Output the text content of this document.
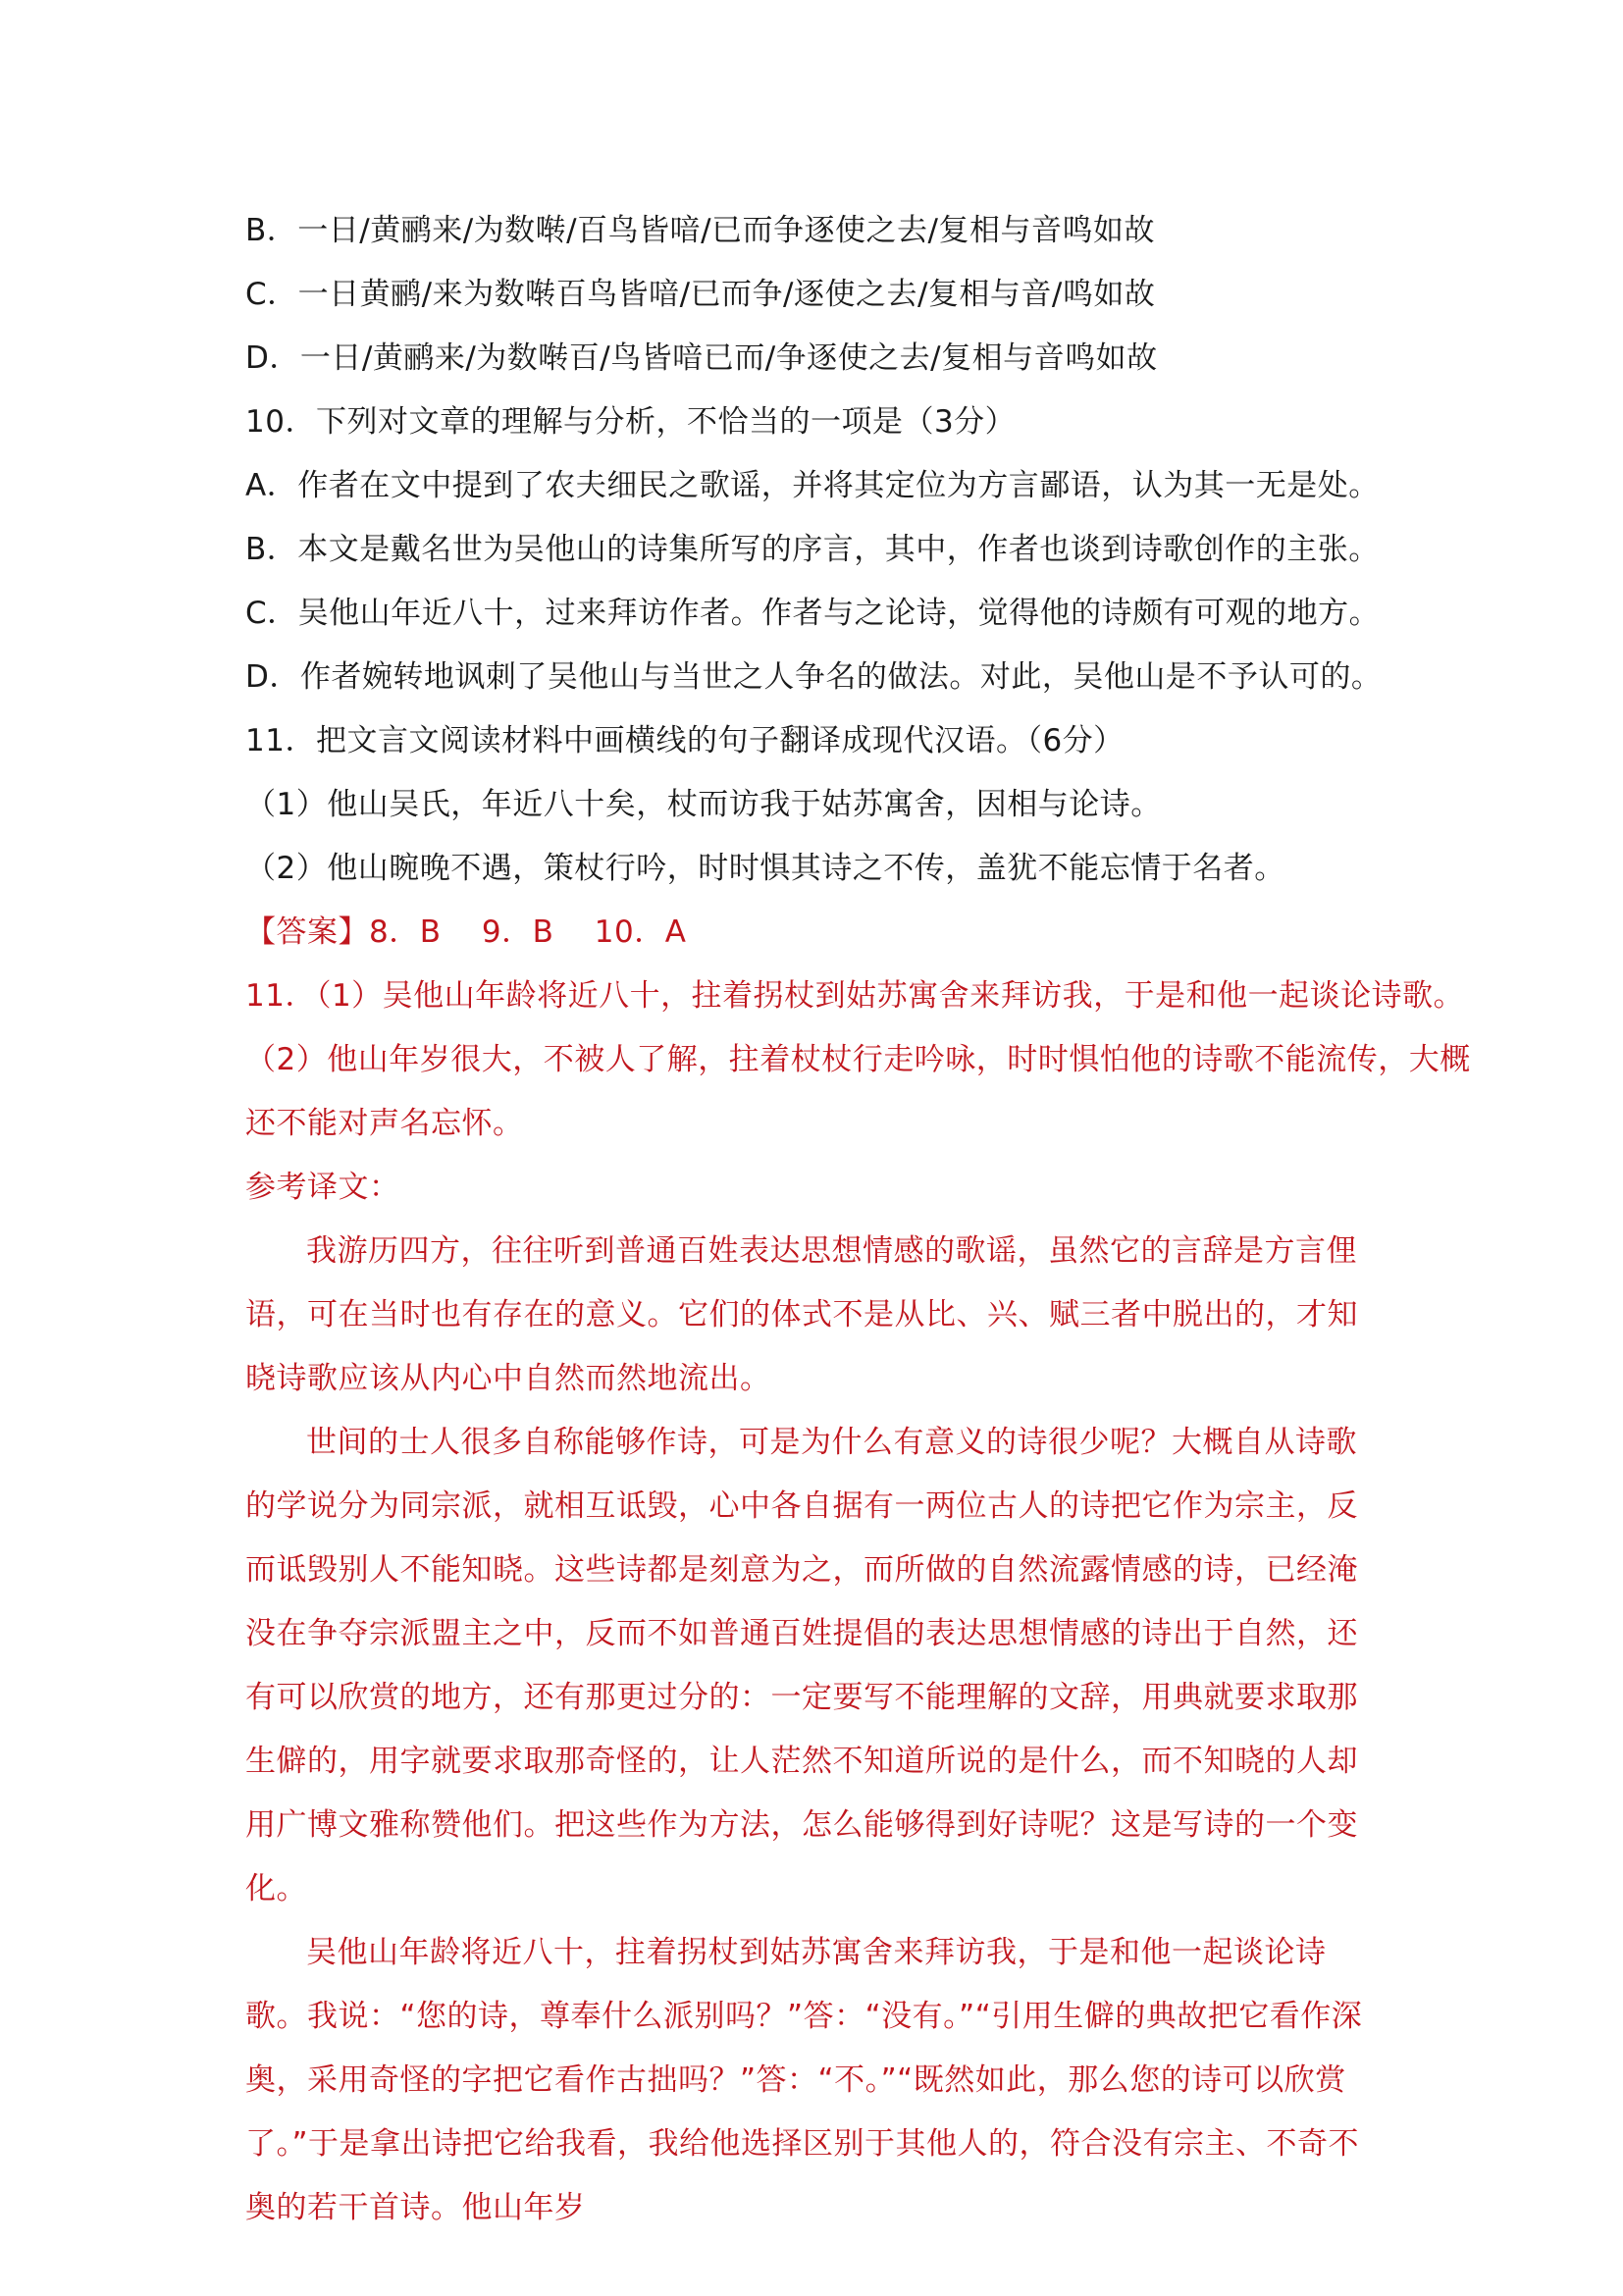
B．一日/黄鹂来/为数啭/百鸟皆喑/已而争逐使之去/复相与音鸣如故
C．一日黄鹂/来为数啭百鸟皆喑/已而争/逐使之去/复相与音/鸣如故
D．一日/黄鹂来/为数啭百/鸟皆喑已而/争逐使之去/复相与音鸣如故
10．下列对文章的理解与分析，不恰当的一项是（3分）
A．作者在文中提到了农夫细民之歌谣，并将其定位为方言鄙语，认为其一无是处。
B．本文是戴名世为吴他山的诗集所写的序言，其中，作者也谈到诗歌创作的主张。
C．吴他山年近八十，过来拜访作者。作者与之论诗，觉得他的诗颇有可观的地方。
D．作者婉转地讽刺了吴他山与当世之人争名的做法。对此，吴他山是不予认可的。
11．把文言文阅读材料中画横线的句子翻译成现代汉语。（6分）
（1）他山吴氏，年近八十矣，杖而访我于姑苏寓舍，因相与论诗。
（2）他山晼晚不遇，策杖行吟，时时惧其诗之不传，盖犹不能忘情于名者。
【答案】8．B    9．B    10．A
11．（1）吴他山年龄将近八十，拄着拐杖到姑苏寓舍来拜访我，于是和他一起谈论诗歌。
（2）他山年岁很大，不被人了解，拄着杖杖行走吟咏，时时惧怕他的诗歌不能流传，大概
还不能对声名忘怀。
参考译文：
我游历四方，往往听到普通百姓表达思想情感的歌谣，虽然它的言辞是方言俚语，可在当时也有存在的意义。它们的体式不是从比、兴、赋三者中脱出的，才知晓诗歌应该从内心中自然而然地流出。
世间的士人很多自称能够作诗，可是为什么有意义的诗很少呢？大概自从诗歌的学说分为同宗派，就相互诋毁，心中各自据有一两位古人的诗把它作为宗主，反而诋毁别人不能知晓。这些诗都是刻意为之，而所做的自然流露情感的诗，已经淹没在争夺宗派盟主之中，反而不如普通百姓提倡的表达思想情感的诗出于自然，还有可以欣赏的地方，还有那更过分的：一定要写不能理解的文辞，用典就要求取那生僻的，用字就要求取那奇怪的，让人茫然不知道所说的是什么，而不知晓的人却用广博文雅称赞他们。把这些作为方法，怎么能够得到好诗呢？这是写诗的一个变化。
吴他山年龄将近八十，拄着拐杖到姑苏寓舍来拜访我，于是和他一起谈论诗歌。我说：“您的诗，尊奉什么派别吗？”答：“没有。”“引用生僻的典故把它看作深奥，采用奇怪的字把它看作古拙吗？”答：“不。”“既然如此，那么您的诗可以欣赏了。”于是拿出诗把它给我看，我给他选择区别于其他人的，符合没有宗主、不奇不奥的若干首诗。他山年岁
